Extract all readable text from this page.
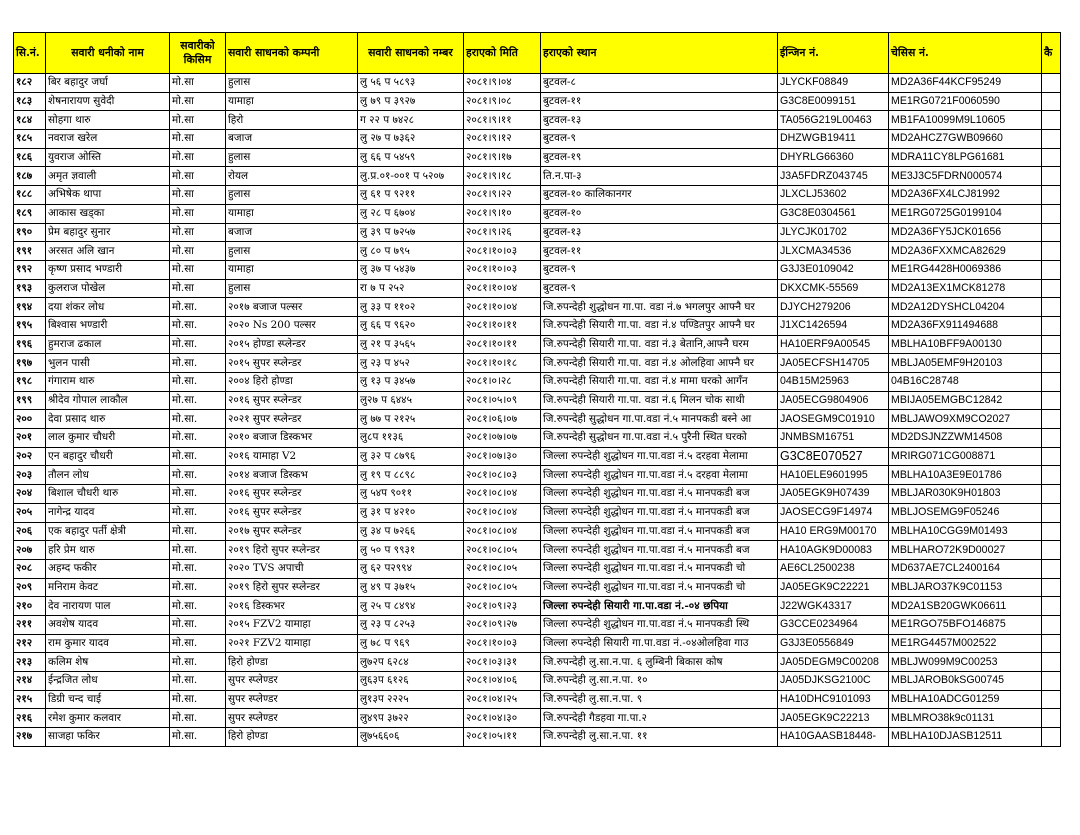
सि.नं.	सवारी धनीको नाम	सवारीको किसिम	सवारी साधनको कम्पनी	सवारी साधनको नम्बर	हराएको मिति	हराएको स्थान	ईन्जिन नं.	चेसिस नं.	कै
१८२	बिर बहादुर जर्घा	मो.सा	हुलास	लु ५६ प ५८९३	२०८१।९।०४	बुटवल-८	JLYCKF08849	MD2A36F44KCF95249	
१८३	शेषनारायण सुवेदी	मो.सा	यामाहा	लु ७९ प ३९२७	२०८१।९।०८	बुटवल-११	G3C8E0099151	ME1RG0721F0060590	
१८४	सोहगा थारु	मो.सा	हिरो	ग २२ प ७४२८	२०८१।९।११	बुटवल-१३	TA056G219L00463	MB1FA10099M9L10605	
१८५	नवराज खरेल	मो.सा	बजाज	लु २७ प ७३६२	२०८१।९।१२	बुटवल-९	DHZWGB19411	MD2AHCZ7GWB09660	
१८६	युवराज ओस्ति	मो.सा	हुलास	लु ६६ प ५४५९	२०८१।९।१७	बुटवल-१९	DHYRLG66360	MDRA11CY8LPG61681	
१८७	अमृत ज्ञवाली	मो.सा	रोयल	लु.प्र.०१-००१ प ५२०७	२०८१।९।१८	ति.न.पा-३	J3A5FDRZ043745	ME3J3C5FDRN000574	
१८८	अभिषेक थापा	मो.सा	हुलास	लु ६१ प ९२११	२०८१।९।२२	बुटवल-१० कालिकानगर	JLXCLJ53602	MD2A36FX4LCJ81992	
१८९	आकास खड्का	मो.सा	यामाहा	लु २८ प ६७०४	२०८१।९।१०	बुटवल-१०	G3C8E0304561	ME1RG0725G0199104	
१९०	प्रेम बहादुर सुनार	मो.सा	बजाज	लु ३९ प ७२५७	२०८१।९।२६	बुटवल-१३	JLYCJK01702	MD2A36FY5JCK01656	
१९१	अरसत अलि खान	मो.सा	हुलास	लु ८० प ७९५	२०८१।१०।०३	बुटवल-११	JLXCMA34536	MD2A36FXXMCA82629	
१९२	कृष्ण प्रसाद भण्डारी	मो.सा	यामाहा	लु ३७ प ५४३७	२०८१।१०।०३	बुटवल-९	G3J3E0109042	ME1RG4428H0069386	
१९३	कुलराज पोखेल	मो.सा	हुलास	रा ७ प २५२	२०८१।१०।०४	बुटवल-९	DKXCMK-55569	MD2A13EX1MCK81278	
१९४	दया शंकर लोध	मो.सा.	२०१७ बजाज पल्सर	लु ३३ प ११०२	२०८१।१०।०४	जि.रुपन्देही शुद्धोधन गा.पा. वडा नं.७ भगलपुर आफ्नै घर	DJYCH279206	MD2A12DYSHCL04204	
१९५	बिश्वास भण्डारी	मो.सा.	२०२० Ns 200 पल्सर	लु ६६ प ९६२०	२०८१।१०।११	जि.रुपन्देही सियारी गा.पा. वडा नं.४ पण्डितपुर आफ्नै घर	J1XC1426594	MD2A36FX911494688	
१९६	हुमराज ढकाल	मो.सा.	२०१५ होण्डा स्प्लेन्डर	लु २१ प ३५६५	२०८१।१०।११	जि.रुपन्देही सियारी गा.पा. वडा नं.३ बेतानि,आफ्नै घरम	HA10ERF9A00545	MBLHA10BFF9A00130	
१९७	भुलन पासी	मो.सा.	२०१५ सुपर स्प्लेन्डर	लु २३ प ४५२	२०८१।१०।१८	जि.रुपन्देही सियारी गा.पा. वडा नं.४ ओलहिवा आफ्नै घर	JA05ECFSH14705	MBLJA05EMF9H20103	
१९८	गंगाराम थारु	मो.सा.	२००४ हिरो होण्डा	लु १३ प ३४५७	२०८१।०।२८	जि.रुपन्देही सियारी गा.पा. वडा नं.४ मामा घरको आगँन	04B15M25963	04B16C28748	
१९९	श्रीदेव गोपाल लाकौल	मो.सा.	२०१६ सुपर स्प्लेन्डर	लु२७ प ६४४५	२०८१।०५।०९	जि.रुपन्देही सियारी गा.पा. वडा नं.६ मिलन चोक साथी	JA05ECG9804906	MBIJA05EMGBC12842	
२००	देवा प्रसाद थारु	मो.सा.	२०२१ सुपर स्प्लेन्डर	लु ७७ प २१२५	२०८१।०६।०७	जि.रुपन्देही सुद्धोधन गा.पा.वडा नं.५ मानपकडी बस्ने आ	JAOSEGM9C01910	MBLJAWO9XM9CO2027	
२०१	लाल कुमार चौधरी	मो.सा.	२०१० बजाज डिस्कभर	लु८प ११३६	२०८१।०७।०७	जि.रुपन्देही सुद्धोधन गा.पा.वडा नं.५ पुरैनी स्थित घरको	JNMBSM16751	MD2DSJNZZWM14508	
२०२	एन बहादुर चौधरी	मो.सा.	२०१६ यामाहा V2	लु ३२ प ८७९६	२०८१।०७।३०	जिल्ला रुपन्देही शुद्धोधन गा.पा.वडा नं.५ दरहवा मेलामा	G3C8E070527	MRIRG071CG008871	
२०३	तौलन लोध	मो.सा.	२०१४ बजाज डिस्कभ	लु १९ प ८८९८	२०८१।०८।०३	जिल्ला रुपन्देही शुद्धोधन गा.पा.वडा नं.५ दरहवा मेलामा	HA10ELE9601995	MBLHA10A3E9E01786	
२०४	बिशाल चौधरी थारु	मो.सा.	२०१६ सुपर स्प्लेन्डर	लु ५४प ९०११	२०८१।०८।०४	जिल्ला रुपन्देही शुद्धोधन गा.पा.वडा नं.५ मानपकडी बज	JA05EGK9H07439	MBLJAR030K9H01803	
२०५	नागेन्द्र यादव	मो.सा.	२०१६ सुपर स्प्लेन्डर	लु ३१ प ४२१०	२०८१।०८।०४	जिल्ला रुपन्देही शुद्धोधन गा.पा.वडा नं.५ मानपकडी बज	JAOSECG9F14974	MBLJOSEMG9F05246	
२०६	एक बहादुर पर्ती क्षेत्री	मो.सा.	२०१७ सुपर स्प्लेन्डर	लु ३४ प ७२६६	२०८१।०८।०४	जिल्ला रुपन्देही शुद्धोधन गा.पा.वडा नं.५ मानपकडी बज	HA10 ERG9M00170	MBLHA10CGG9M01493	
२०७	हरि प्रेम थारु	मो.सा.	२०१९ हिरो सुपर स्प्लेन्डर	लु ५० प ९९३१	२०८१।०८।०५	जिल्ला रुपन्देही शुद्धोधन गा.पा.वडा नं.५ मानपकडी बज	HA10AGK9D00083	MBLHARO72K9D00027	
२०८	अहम्द फकीर	मो.सा.	२०२० TVS अपाची	लु ६२ प२९९४	२०८१।०८।०५	जिल्ला रुपन्देही शुद्धोधन गा.पा.वडा नं.५ मानपकडी चो	AE6CL2500238	MD637AE7CL2400164	
२०९	मनिराम केवट	मो.सा.	२०१९ हिरो सुपर स्प्लेन्डर	लु ४९ प ३७१५	२०८१।०८।०५	जिल्ला रुपन्देही शुद्धोधन गा.पा.वडा नं.५ मानपकडी चो	JA05EGK9C22221	MBLJARO37K9C01153	
२१०	देव नारायण पाल	मो.सा.	२०१६ डिस्कभर	लु २५ प ८४९४	२०८१।०९।२३	जिल्ला रुपन्देही सियारी गा.पा.वडा नं.-०४ छपिया	J22WGK43317	MD2A1SB20GWK06611	
२११	अवशेष यादव	मो.सा.	२०१५ FZV2 यामाहा	लु २३ प ८२५३	२०८१।०९।२७	जिल्ला रुपन्देही शुद्धोधन गा.पा.वडा नं.५ मानपकडी स्थि	G3CCE0234964	ME1RGO75BFO146875	
२१२	राम कुमार यादव	मो.सा.	२०२१ FZV2 यामाहा	लु ७८ प ९६९	२०८१।१०।०३	जिल्ला रुपन्देही सियारी गा.पा.वडा नं.-०४ओलहिवा गाउ	G3J3E0556849	ME1RG4457M002522	
२१३	कलिम शेष	मो.सा.	हिरो होण्डा	लु७२प ६२८४	२०८१।०३।३१	जि.रुपन्देही लु.सा.न.पा. ६ लुम्बिनी बिकास कोष	JA05DEGM9C00208	MBLJW099M9C00253	
२१४	ईन्द्रजित लोध	मो.सा.	सुपर स्प्लेण्डर	लु६३प ६१२६	२०८१।०४।०६	जि.रुपन्देही लु.सा.न.पा. १०	JA05DJKSG2100C	MBLJAROB0kSG00745	
२१५	डिग्री चन्द चाई	मो.सा.	सुपर स्प्लेण्डर	लु१३प २२२५	२०८१।०४।२५	जि.रुपन्देही लु.सा.न.पा. ९	HA10DHC9101093	MBLHA10ADCG01259	
२१६	रमेश कुमार कलवार	मो.सा.	सुपर स्प्लेण्डर	लु४९प ३७२२	२०८१।०४।३०	जि.रुपन्देही गैडहवा गा.पा.२	JA05EGK9C22213	MBLMRO38k9c01131	
२१७	साजहा फकिर	मो.सा.	हिरो होण्डा	लु७५६६०६	२०८१।०५।११	जि.रुपन्देही लु.सा.न.पा. ११	HA10GAASB18448-	MBLHA10DJASB12511	
